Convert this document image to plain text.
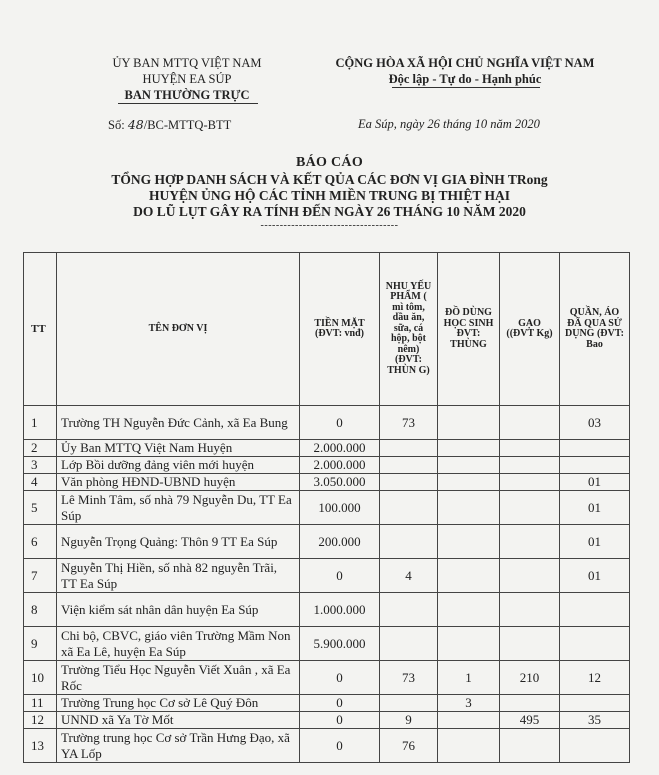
ỦY BAN MTTQ VIỆT NAM
HUYỆN EA SÚP
BAN THƯỜNG TRỰC
CỘNG HÒA XÃ HỘI CHỦ NGHĨA VIỆT NAM
Độc lập - Tự do - Hạnh phúc
Số: 48/BC-MTTQ-BTT	Ea Súp, ngày 26 tháng 10 năm 2020
BÁO CÁO
TỔNG HỢP DANH SÁCH VÀ KẾT QỦA CÁC ĐƠN VỊ GIA ĐÌNH TRong
HUYỆN ỦNG HỘ CÁC TỈNH MIỀN TRUNG BỊ THIỆT HẠI
DO LŨ LỤT GÂY RA TÍNH ĐẾN NGÀY 26 THÁNG 10 NĂM 2020
------------------------------------
TT	TÊN ĐƠN VỊ	TIỀN MẶT (ĐVT: vnđ)	NHU YẾU PHẨM ( mì tôm, dầu ăn, sữa, cá hộp, bột nêm) (ĐVT: THÙN G)	ĐỒ DÙNG HỌC SINH ĐVT: THÙNG	GẠO ((ĐVT Kg)	QUẦN, ÁO ĐÃ QUA SỬ DỤNG (ĐVT: Bao
1	Trường TH Nguyễn Đức Cảnh, xã Ea Bung	0	73			03
2	Ủy Ban MTTQ Việt Nam Huyện	2.000.000				
3	Lớp Bồi dưỡng đảng viên mới huyện	2.000.000				
4	Văn phòng HĐND-UBND huyện	3.050.000				01
5	Lê Minh Tâm, số nhà 79 Nguyễn Du, TT Ea Súp	100.000				01
6	Nguyễn Trọng Quảng: Thôn 9 TT Ea Súp	200.000				01
7	Nguyễn Thị Hiền, số nhà 82 nguyễn Trãi, TT Ea Súp	0	4			01
8	Viện kiểm sát nhân dân huyện Ea Súp	1.000.000				
9	Chi bộ, CBVC, giáo viên Trường Mầm Non xã Ea Lê, huyện Ea Súp	5.900.000				
10	Trường Tiểu Học Nguyễn Viết Xuân , xã Ea Rốc	0	73	1	210	12
11	Trường Trung học Cơ sở Lê Quý Đôn	0		3		
12	UNND xã Ya Tờ Mốt	0	9		495	35
13	Trường trung học Cơ sở Trần Hưng Đạo, xã YA Lốp	0	76			
